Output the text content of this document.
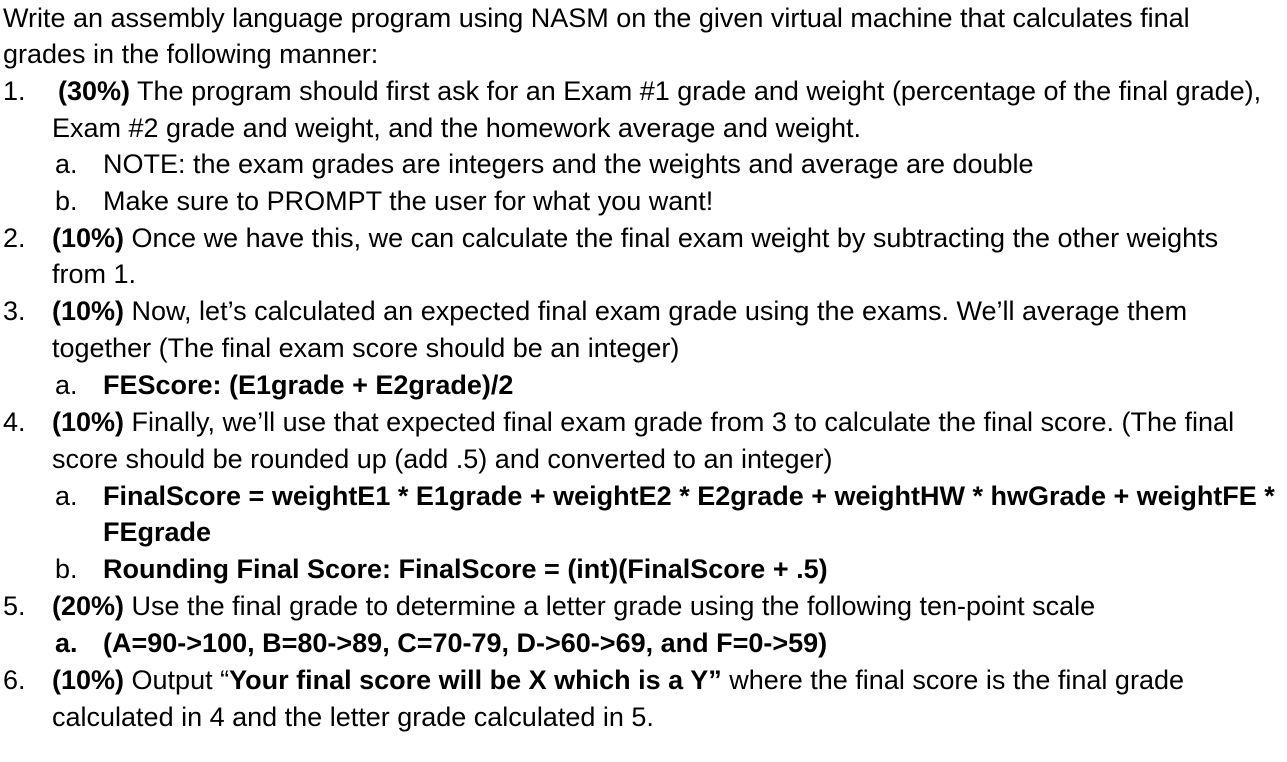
Write an assembly language program using NASM on the given virtual machine that calculates final
grades in the following manner:
1. (30%) The program should first ask for an Exam #1 grade and weight (percentage of the final grade),
Exam #2 grade and weight, and the homework average and weight.
a. NOTE: the exam grades are integers and the weights and average are double
b. Make sure to PROMPT the user for what you want!
2. (10%) Once we have this, we can calculate the final exam weight by subtracting the other weights
from 1.
3. (10%) Now, let’s calculated an expected final exam grade using the exams. We’ll average them
together (The final exam score should be an integer)
a. FEScore: (E1grade + E2grade)/2
4. (10%) Finally, we’ll use that expected final exam grade from 3 to calculate the final score. (The final
score should be rounded up (add .5) and converted to an integer)
a. FinalScore = weightE1 * E1grade + weightE2 * E2grade + weightHW * hwGrade + weightFE *
FEgrade
b. Rounding Final Score: FinalScore = (int)(FinalScore + .5)
5. (20%) Use the final grade to determine a letter grade using the following ten-point scale
a. (A=90->100, B=80->89, C=70-79, D->60->69, and F=0->59)
6. (10%) Output “Your final score will be X which is a Y” where the final score is the final grade
calculated in 4 and the letter grade calculated in 5.
